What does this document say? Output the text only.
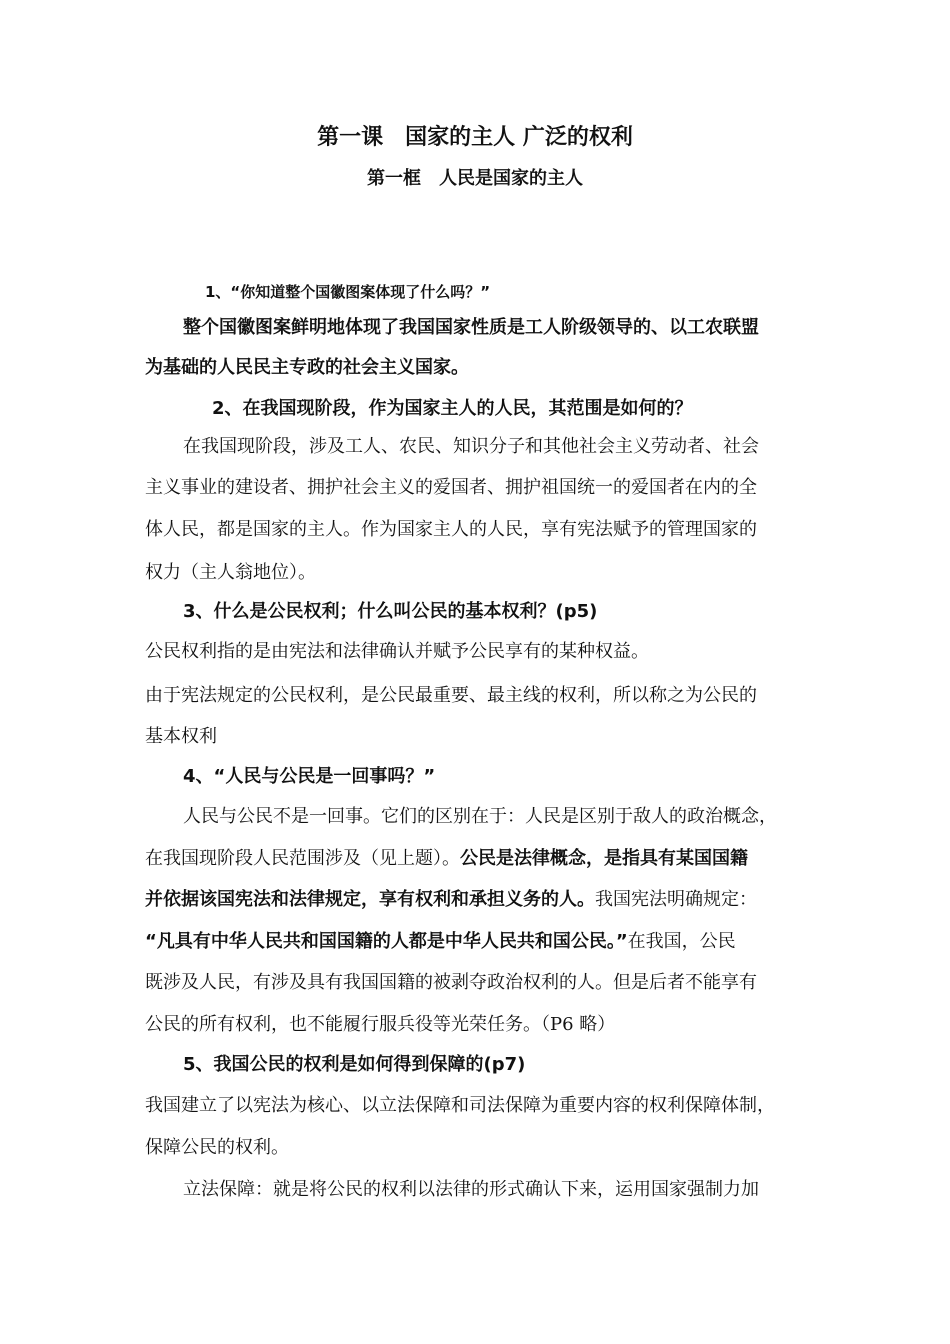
第一课　国家的主人 广泛的权利
第一框　人民是国家的主人
1、“你知道整个国徽图案体现了什么吗？”
整个国徽图案鲜明地体现了我国国家性质是工人阶级领导的、以工农联盟
为基础的人民民主专政的社会主义国家。
2、在我国现阶段，作为国家主人的人民，其范围是如何的？
在我国现阶段，涉及工人、农民、知识分子和其他社会主义劳动者、社会
主义事业的建设者、拥护社会主义的爱国者、拥护祖国统一的爱国者在内的全
体人民，都是国家的主人。作为国家主人的人民，享有宪法赋予的管理国家的
权力（主人翁地位）。
3、什么是公民权利；什么叫公民的基本权利？(p5)
公民权利指的是由宪法和法律确认并赋予公民享有的某种权益。
由于宪法规定的公民权利，是公民最重要、最主线的权利，所以称之为公民的
基本权利
4、“人民与公民是一回事吗？”
人民与公民不是一回事。它们的区别在于：人民是区别于敌人的政治概念，
在我国现阶段人民范围涉及（见上题）。公民是法律概念，是指具有某国国籍
并依据该国宪法和法律规定，享有权利和承担义务的人。我国宪法明确规定：
“凡具有中华人民共和国国籍的人都是中华人民共和国公民。”在我国，公民
既涉及人民，有涉及具有我国国籍的被剥夺政治权利的人。但是后者不能享有
公民的所有权利，也不能履行服兵役等光荣任务。（P6 略）
5、我国公民的权利是如何得到保障的(p7)
我国建立了以宪法为核心、以立法保障和司法保障为重要内容的权利保障体制，
保障公民的权利。
立法保障：就是将公民的权利以法律的形式确认下来，运用国家强制力加
